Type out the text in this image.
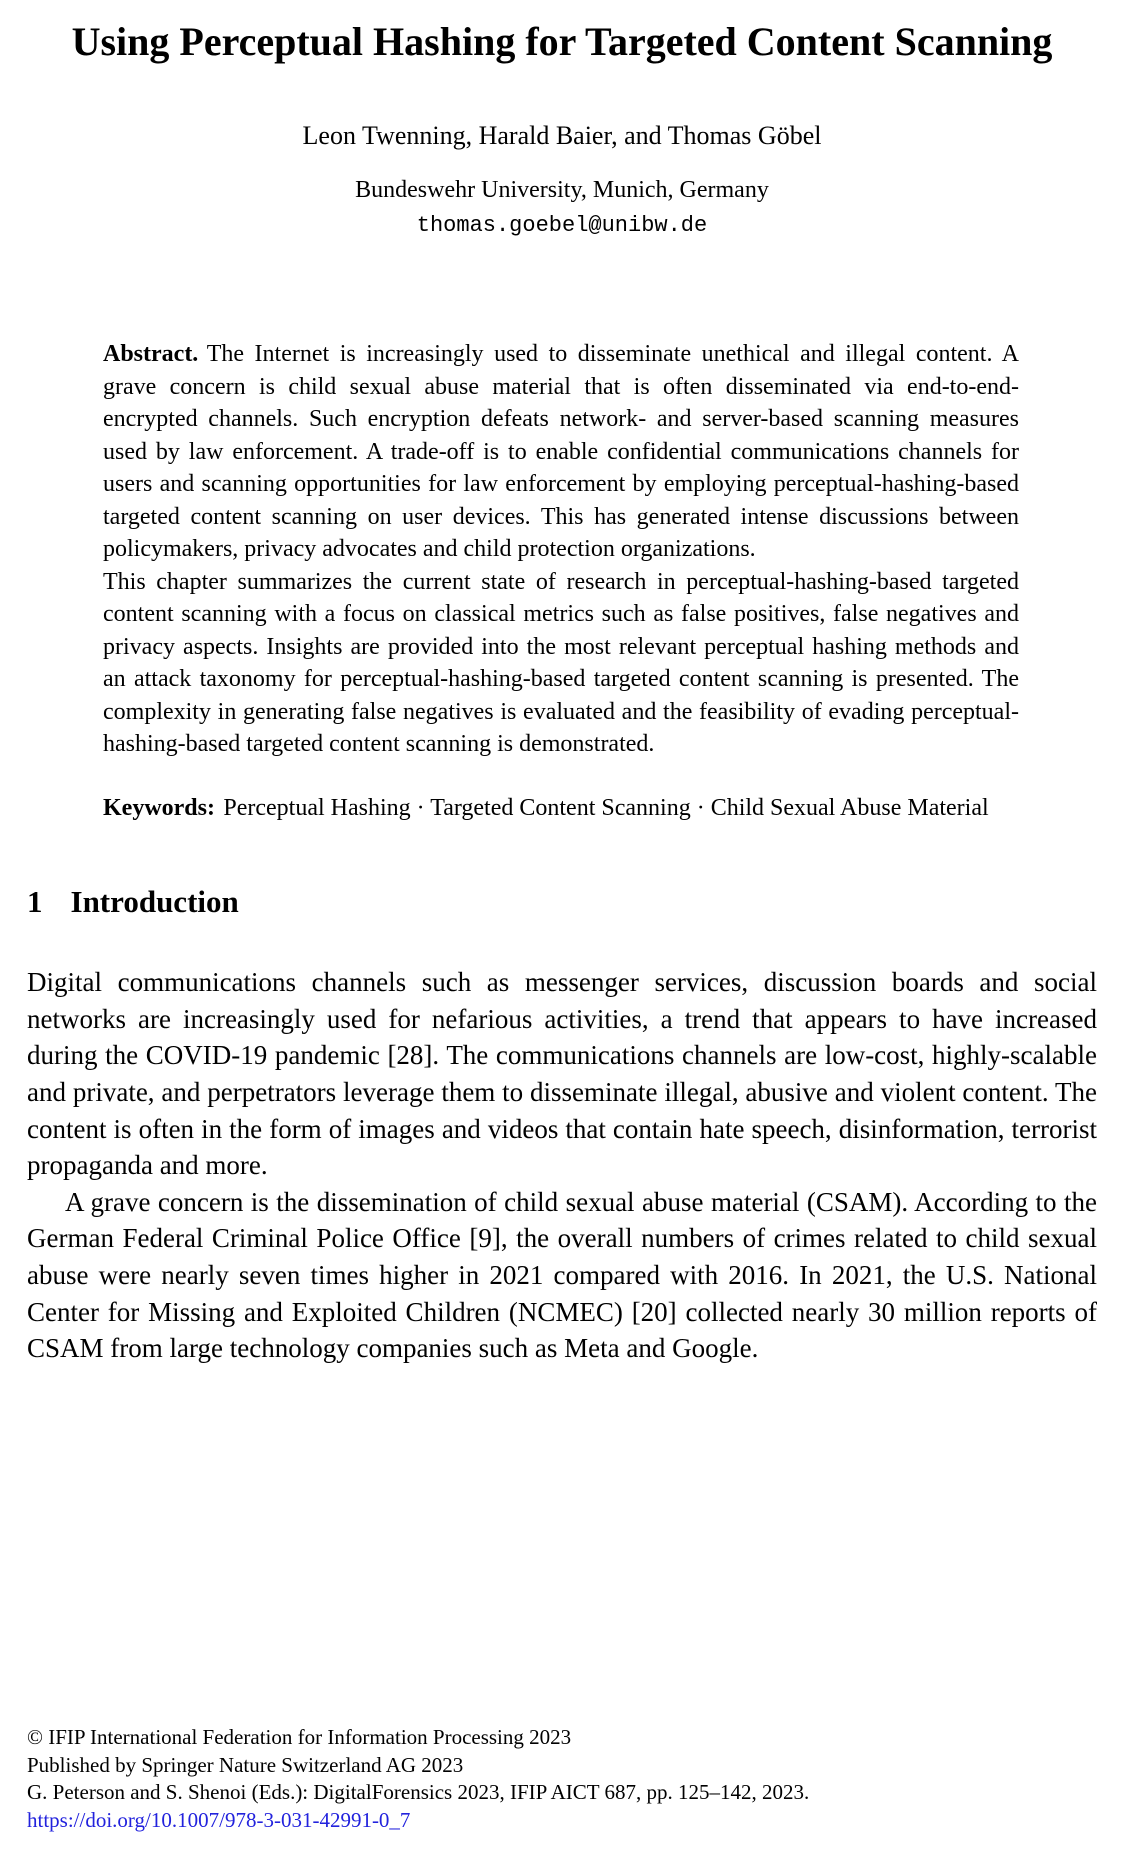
Using Perceptual Hashing for Targeted Content Scanning
Leon Twenning, Harald Baier, and Thomas Göbel
Bundeswehr University, Munich, Germany
thomas.goebel@unibw.de

Abstract. The Internet is increasingly used to disseminate unethical and illegal content. A grave concern is child sexual abuse material that is often disseminated via end-to-end-encrypted channels. Such encryption defeats network- and server-based scanning measures used by law enforcement. A trade-off is to enable confidential communications channels for users and scanning opportunities for law enforcement by employing perceptual-hashing-based targeted content scanning on user devices. This has generated intense discussions between policymakers, privacy advocates and child protection organizations.

This chapter summarizes the current state of research in perceptual-hashing-based targeted content scanning with a focus on classical metrics such as false positives, false negatives and privacy aspects. Insights are provided into the most relevant perceptual hashing methods and an attack taxonomy for perceptual-hashing-based targeted content scanning is presented. The complexity in generating false negatives is evaluated and the feasibility of evading perceptual-hashing-based targeted content scanning is demonstrated.

Keywords: Perceptual Hashing · Targeted Content Scanning · Child Sexual Abuse Material

1 Introduction

Digital communications channels such as messenger services, discussion boards and social networks are increasingly used for nefarious activities, a trend that appears to have increased during the COVID-19 pandemic [28]. The communications channels are low-cost, highly-scalable and private, and perpetrators leverage them to disseminate illegal, abusive and violent content. The content is often in the form of images and videos that contain hate speech, disinformation, terrorist propaganda and more.

A grave concern is the dissemination of child sexual abuse material (CSAM). According to the German Federal Criminal Police Office [9], the overall numbers of crimes related to child sexual abuse were nearly seven times higher in 2021 compared with 2016. In 2021, the U.S. National Center for Missing and Exploited Children (NCMEC) [20] collected nearly 30 million reports of CSAM from large technology companies such as Meta and Google.

© IFIP International Federation for Information Processing 2023
Published by Springer Nature Switzerland AG 2023
G. Peterson and S. Shenoi (Eds.): DigitalForensics 2023, IFIP AICT 687, pp. 125–142, 2023.
https://doi.org/10.1007/978-3-031-42991-0_7
